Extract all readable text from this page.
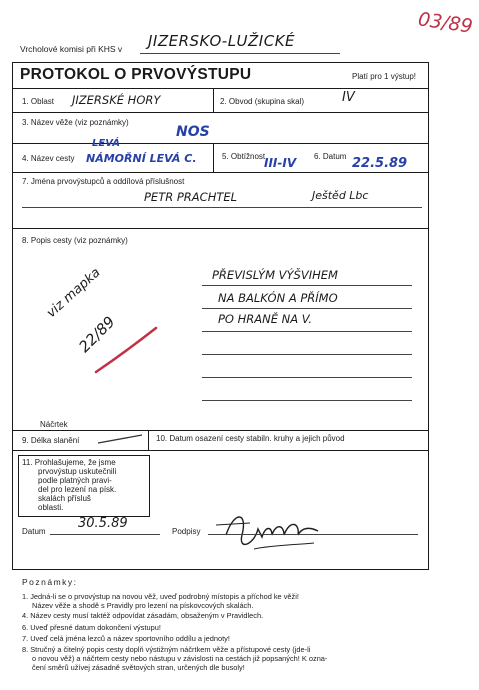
Vrcholové komisi při KHS v JIZERSKO-LUŽICKÉ
03/89
PROTOKOL O PRVOVÝSTUPU	Platí pro 1 výstup!
1. Oblast JIZERSKÉ HORY	2. Obvod (skupina skal)	IV
3. Název věže (viz poznámky)
NOS
4. Název cesty
LEVÁ
NÁMOŘNÍ LEVÁ C.	5. Obtížnost
III-IV 6. Datum 22.5.89
7. Jména prvovýstupců a oddílová příslušnost
PETR PRACHTEL	Ještěd Lbc
8. Popis cesty (viz poznámky)
PŘEVISLÝM VÝŠVIHEM
NA BALKÓN A PŘÍMO
PO HRANĚ NA V.
viz mapka
22/89
Náčrtek
9. Délka slanění	10. Datum osazení cesty stabiln. kruhy a jejich původ
11. Prohlašujeme, že jsme
prvovýstup uskutečnili
podle platných pravi-
del pro lezení na písk.
skalách přísluš
oblasti.
Datum
30.5.89
Podpisy
Poznámky:
1. Jedná-li se o prvovýstup na novou věž, uveď podrobný místopis a příchod ke věži!
Název věže a shodě s Pravidly pro lezení na pískovcových skalách.
4. Název cesty musí taktéž odpovídat zásadám, obsaženým v Pravidlech.
6. Uveď přesné datum dokončení výstupu!
7. Uveď celá jména lezců a název sportovního oddílu a jednoty!
8. Stručný a čitelný popis cesty doplň výstižným náčrtkem věže a přístupové cesty (jde-li
o novou věž) a náčrtem cesty nebo nástupu v závislosti na cestách již popsaných! K ozna-
čení směrů užívej zásadně světových stran, určených dle busoly!
